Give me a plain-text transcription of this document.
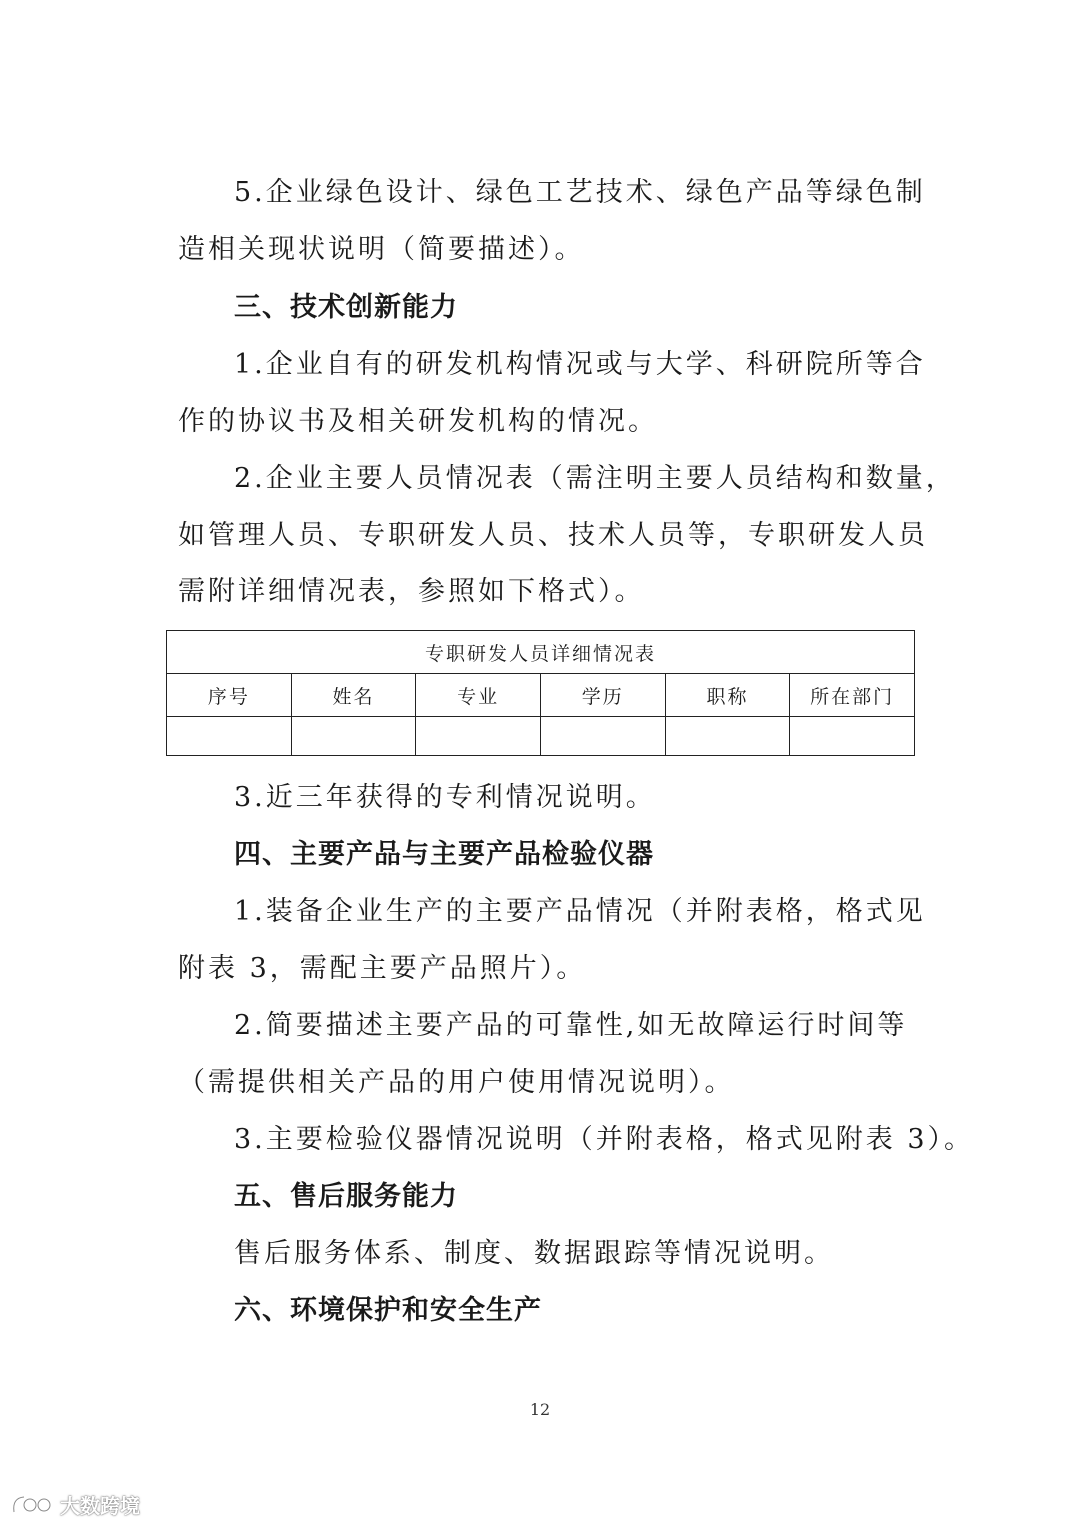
5.企业绿色设计、绿色工艺技术、绿色产品等绿色制
造相关现状说明（简要描述）。
三、技术创新能力
1.企业自有的研发机构情况或与大学、科研院所等合
作的协议书及相关研发机构的情况。
2.企业主要人员情况表（需注明主要人员结构和数量，
如管理人员、专职研发人员、技术人员等，专职研发人员
需附详细情况表，参照如下格式）。
专职研发人员详细情况表					
序号	姓名	专业	学历	职称	所在部门

3.近三年获得的专利情况说明。
四、主要产品与主要产品检验仪器
1.装备企业生产的主要产品情况（并附表格，格式见
附表 3，需配主要产品照片）。
2.简要描述主要产品的可靠性,如无故障运行时间等
（需提供相关产品的用户使用情况说明）。
3.主要检验仪器情况说明（并附表格，格式见附表 3）。
五、售后服务能力
售后服务体系、制度、数据跟踪等情况说明。
六、环境保护和安全生产
12
大数跨境
